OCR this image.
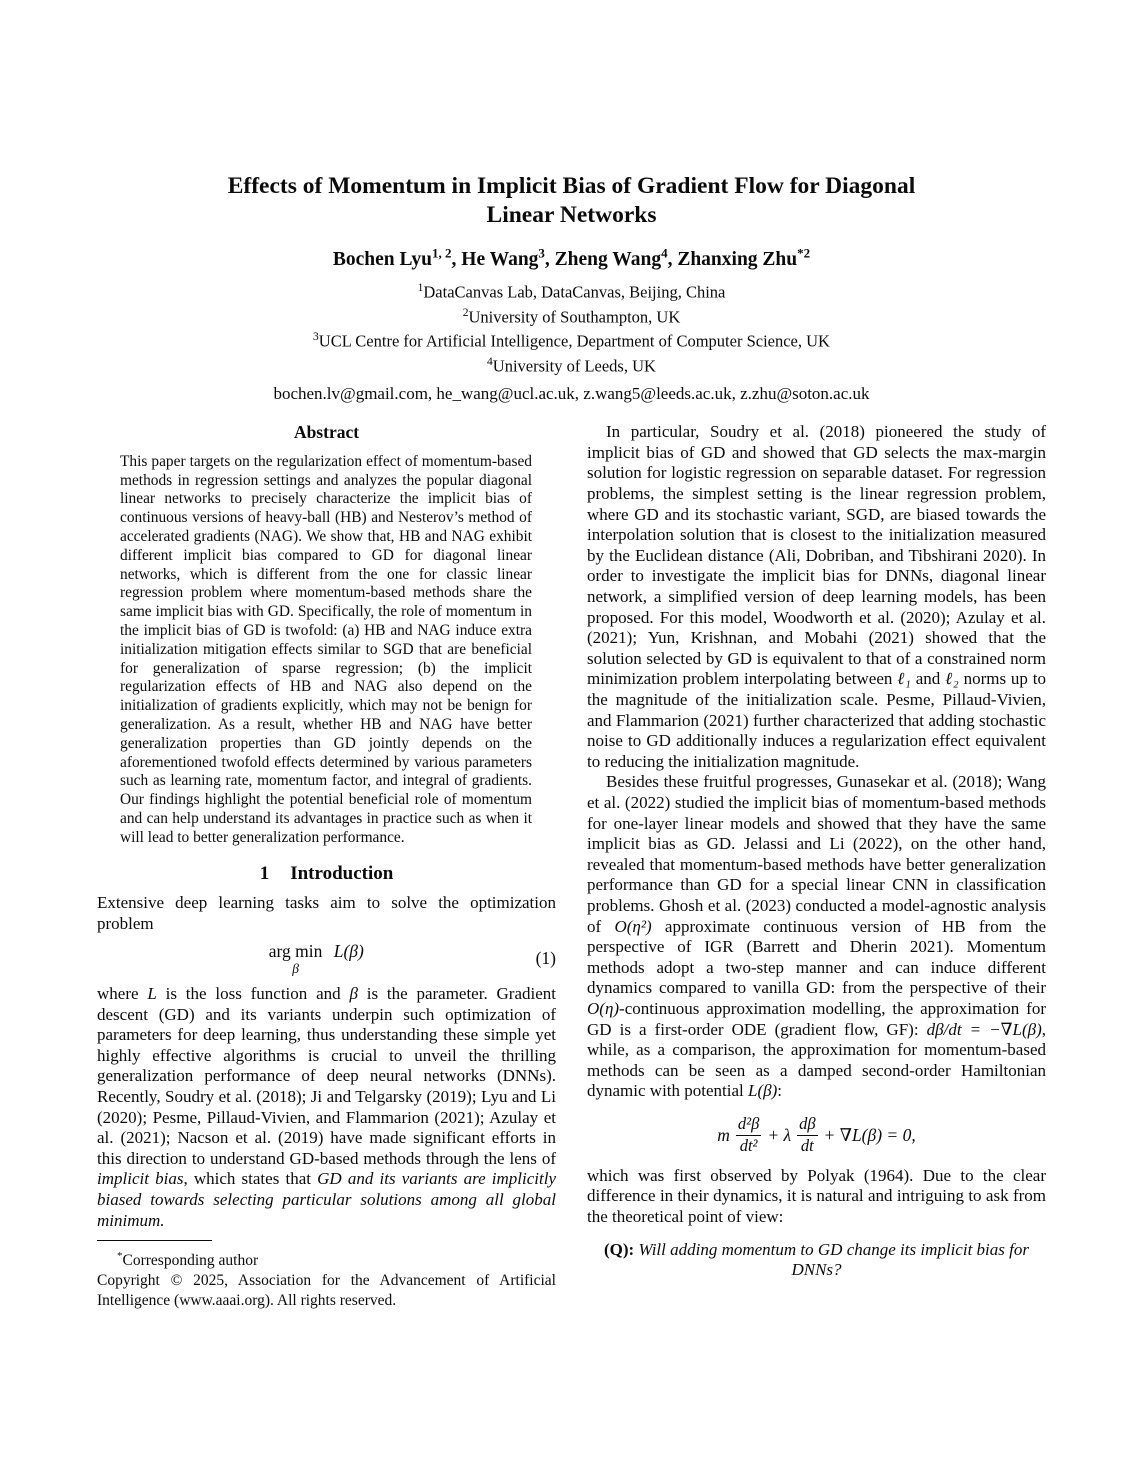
Effects of Momentum in Implicit Bias of Gradient Flow for Diagonal Linear Networks
Bochen Lyu$^{1, 2}$, He Wang$^3$, Zheng Wang$^4$, Zhanxing Zhu$^{*2}$
$^1$DataCanvas Lab, DataCanvas, Beijing, China
$^2$University of Southampton, UK
$^3$UCL Centre for Artificial Intelligence, Department of Computer Science, UK
$^4$University of Leeds, UK
bochen.lv@gmail.com, he_wang@ucl.ac.uk, z.wang5@leeds.ac.uk, z.zhu@soton.ac.uk
Abstract

This paper targets on the regularization effect of momentum-based methods in regression settings and analyzes the popular diagonal linear networks to precisely characterize the implicit bias of continuous versions of heavy-ball (HB) and Nesterov’s method of accelerated gradients (NAG). We show that, HB and NAG exhibit different implicit bias compared to GD for diagonal linear networks, which is different from the one for classic linear regression problem where momentum-based methods share the same implicit bias with GD. Specifically, the role of momentum in the implicit bias of GD is twofold: (a) HB and NAG induce extra initialization mitigation effects similar to SGD that are beneficial for generalization of sparse regression; (b) the implicit regularization effects of HB and NAG also depend on the initialization of gradients explicitly, which may not be benign for generalization. As a result, whether HB and NAG have better generalization properties than GD jointly depends on the aforementioned twofold effects determined by various parameters such as learning rate, momentum factor, and integral of gradients. Our findings highlight the potential beneficial role of momentum and can help understand its advantages in practice such as when it will lead to better generalization performance.

1 Introduction

Extensive deep learning tasks aim to solve the optimization problem

arg min
β
L(β)	(1)

where L is the loss function and β is the parameter. Gradient descent (GD) and its variants underpin such optimization of parameters for deep learning, thus understanding these simple yet highly effective algorithms is crucial to unveil the thrilling generalization performance of deep neural networks (DNNs). Recently, Soudry et al. (2018); Ji and Telgarsky (2019); Lyu and Li (2020); Pesme, Pillaud-Vivien, and Flammarion (2021); Azulay et al. (2021); Nacson et al. (2019) have made significant efforts in this direction to understand GD-based methods through the lens of implicit bias, which states that GD and its variants are implicitly biased towards selecting particular solutions among all global minimum.

*Corresponding author

Copyright © 2025, Association for the Advancement of Artificial Intelligence (www.aaai.org). All rights reserved.

In particular, Soudry et al. (2018) pioneered the study of implicit bias of GD and showed that GD selects the max-margin solution for logistic regression on separable dataset. For regression problems, the simplest setting is the linear regression problem, where GD and its stochastic variant, SGD, are biased towards the interpolation solution that is closest to the initialization measured by the Euclidean distance (Ali, Dobriban, and Tibshirani 2020). In order to investigate the implicit bias for DNNs, diagonal linear network, a simplified version of deep learning models, has been proposed. For this model, Woodworth et al. (2020); Azulay et al. (2021); Yun, Krishnan, and Mobahi (2021) showed that the solution selected by GD is equivalent to that of a constrained norm minimization problem interpolating between ℓ₁ and ℓ₂ norms up to the magnitude of the initialization scale. Pesme, Pillaud-Vivien, and Flammarion (2021) further characterized that adding stochastic noise to GD additionally induces a regularization effect equivalent to reducing the initialization magnitude.

Besides these fruitful progresses, Gunasekar et al. (2018); Wang et al. (2022) studied the implicit bias of momentum-based methods for one-layer linear models and showed that they have the same implicit bias as GD. Jelassi and Li (2022), on the other hand, revealed that momentum-based methods have better generalization performance than GD for a special linear CNN in classification problems. Ghosh et al. (2023) conducted a model-agnostic analysis of O(η²) approximate continuous version of HB from the perspective of IGR (Barrett and Dherin 2021). Momentum methods adopt a two-step manner and can induce different dynamics compared to vanilla GD: from the perspective of their O(η)-continuous approximation modelling, the approximation for GD is a first-order ODE (gradient flow, GF): dβ/dt = −∇L(β), while, as a comparison, the approximation for momentum-based methods can be seen as a damped second-order Hamiltonian dynamic with potential L(β):

m $\frac{\text{d²β}}{\text{dt²}} + \lambda \frac{d\beta}{dt} + \nabla L(\beta) = 0$,

which was first observed by Polyak (1964). Due to the clear difference in their dynamics, it is natural and intriguing to ask from the theoretical point of view:

(Q): Will adding momentum to GD change its implicit bias for DNNs?
